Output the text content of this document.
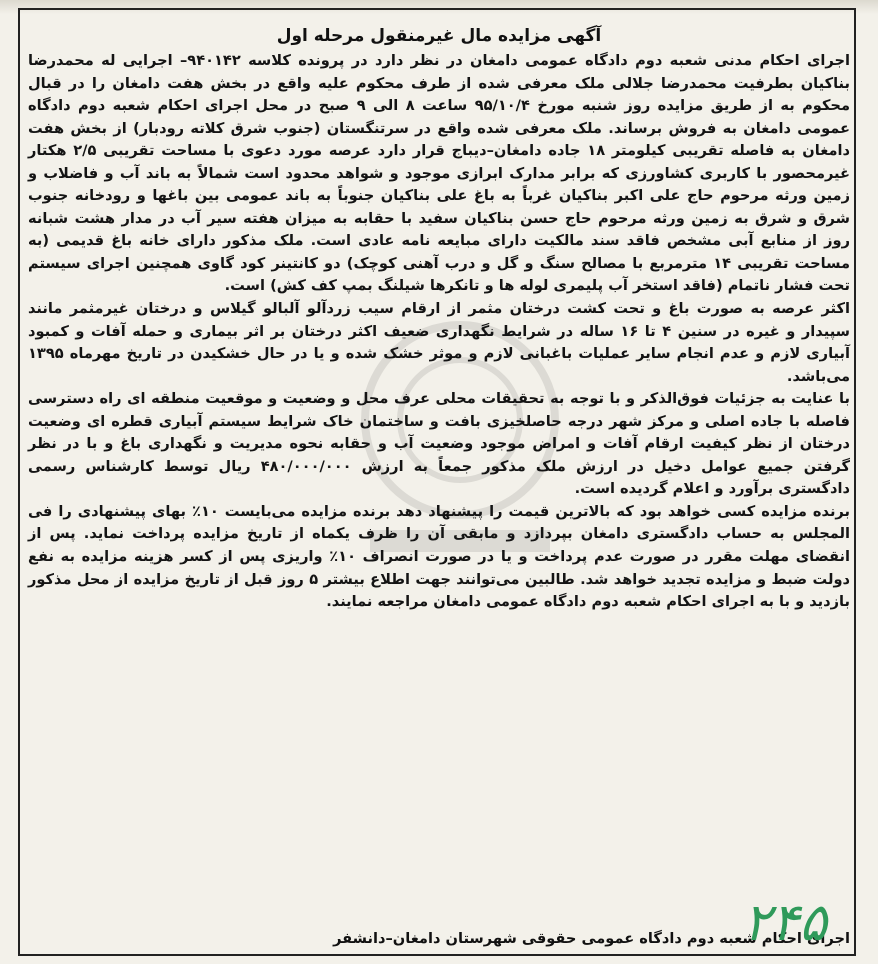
آگهی مزایده مال غیرمنقول مرحله اول

اجرای احکام مدنی شعبه دوم دادگاه عمومی دامغان در نظر دارد در پرونده کلاسه ۹۴۰۱۴۲– اجرایی له محمدرضا بناکیان بطرفیت محمدرضا جلالی ملک معرفی شده از طرف محکوم علیه واقع در بخش هفت دامغان را در قبال محکوم به از طریق مزایده روز شنبه مورخ ۹۵/۱۰/۴ ساعت ۸ الی ۹ صبح در محل اجرای احکام شعبه دوم دادگاه عمومی دامغان به فروش برساند. ملک معرفی شده واقع در سرتنگستان (جنوب شرق کلاته رودبار) از بخش هفت دامغان به فاصله تقریبی کیلومتر ۱۸ جاده دامغان–دیباج قرار دارد عرصه مورد دعوی با مساحت تقریبی ۲/۵ هکتار غیرمحصور با کاربری کشاورزی که برابر مدارک ابرازی موجود و شواهد محدود است شمالاً به باند آب و فاضلاب و زمین ورثه مرحوم حاج علی اکبر بناکیان غرباً به باغ علی بناکیان جنوباً به باند عمومی بین باغها و رودخانه جنوب شرق و شرق به زمین ورثه مرحوم حاج حسن بناکیان سفید با حقابه به میزان هفته سیر آب در مدار هشت شبانه روز از منابع آبی مشخص فاقد سند مالکیت دارای مبایعه نامه عادی است. ملک مذکور دارای خانه باغ قدیمی (به مساحت تقریبی ۱۴ مترمربع با مصالح سنگ و گل و درب آهنی کوچک) دو کانتینر کود گاوی همچنین اجرای سیستم تحت فشار ناتمام (فاقد استخر آب پلیمری لوله ها و تانکرها شیلنگ بمپ کف کش) است.

اکثر عرصه به صورت باغ و تحت کشت درختان مثمر از ارقام سیب زردآلو آلبالو گیلاس و درختان غیرمثمر مانند سپیدار و غیره در سنین ۴ تا ۱۶ ساله در شرایط نگهداری ضعیف اکثر درختان بر اثر بیماری و حمله آفات و کمبود آبیاری لازم و عدم انجام سایر عملیات باغبانی لازم و موثر خشک شده و یا در حال خشکیدن در تاریخ مهرماه ۱۳۹۵ می‌باشد.

با عنایت به جزئیات فوق‌الذکر و با توجه به تحقیقات محلی عرف محل و وضعیت و موقعیت منطقه ای راه دسترسی فاصله با جاده اصلی و مرکز شهر درجه حاصلخیزی بافت و ساختمان خاک شرایط سیستم آبیاری قطره ای وضعیت درختان از نظر کیفیت ارقام آفات و امراض موجود وضعیت آب و حقابه نحوه مدیریت و نگهداری باغ و با در نظر گرفتن جمیع عوامل دخیل در ارزش ملک مذکور جمعاً به ارزش ۴۸۰/۰۰۰/۰۰۰ ریال توسط کارشناس رسمی دادگستری برآورد و اعلام گردیده است.

برنده مزایده کسی خواهد بود که بالاترین قیمت را پیشنهاد دهد برنده مزایده می‌بایست ۱۰٪ بهای پیشنهادی را فی المجلس به حساب دادگستری دامغان بپردازد و مابقی آن را ظرف یکماه از تاریخ مزایده پرداخت نماید. پس از انقضای مهلت مقرر در صورت عدم پرداخت و یا در صورت انصراف ۱۰٪ واریزی پس از کسر هزینه مزایده به نفع دولت ضبط و مزایده تجدید خواهد شد. طالبین می‌توانند جهت اطلاع بیشتر ۵ روز قبل از تاریخ مزایده از محل مذکور بازدید و با به اجرای احکام شعبه دوم دادگاه عمومی دامغان مراجعه نمایند.

اجرای احکام شعبه دوم دادگاه عمومی حقوقی شهرستان دامغان–دانشفر
۲۴۵
